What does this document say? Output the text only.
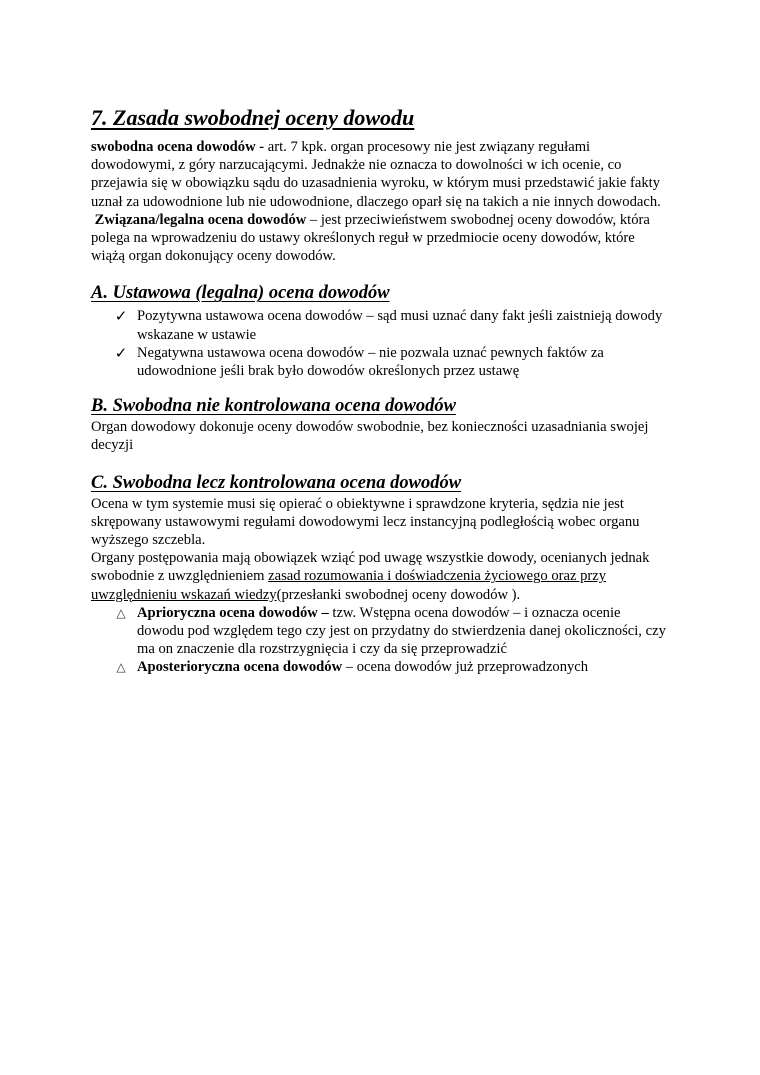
7. Zasada swobodnej oceny dowodu

swobodna ocena dowodów - art. 7 kpk. organ procesowy nie jest związany regułami dowodowymi, z góry narzucającymi. Jednakże nie oznacza to dowolności w ich ocenie, co przejawia się w obowiązku sądu do uzasadnienia wyroku, w którym musi przedstawić jakie fakty uznał za udowodnione lub nie udowodnione, dlaczego oparł się na takich a nie innych dowodach.

Związana/legalna ocena dowodów – jest przeciwieństwem swobodnej oceny dowodów, która polega na wprowadzeniu do ustawy określonych reguł w przedmiocie oceny dowodów, które wiążą organ dokonujący oceny dowodów.

A. Ustawowa (legalna) ocena dowodów
✓ Pozytywna ustawowa ocena dowodów – sąd musi uznać dany fakt jeśli zaistnieją dowody wskazane w ustawie
✓ Negatywna ustawowa ocena dowodów – nie pozwala uznać pewnych faktów za udowodnione jeśli brak było dowodów określonych przez ustawę
B. Swobodna nie kontrolowana ocena dowodów

Organ dowodowy dokonuje oceny dowodów swobodnie, bez konieczności uzasadniania swojej decyzji

C. Swobodna lecz kontrolowana ocena dowodów

Ocena w tym systemie musi się opierać o obiektywne i sprawdzone kryteria, sędzia nie jest skrępowany ustawowymi regułami dowodowymi lecz instancyjną podległością wobec organu wyższego szczebla.

Organy postępowania mają obowiązek wziąć pod uwagę wszystkie dowody, ocenianych jednak swobodnie z uwzględnieniem zasad rozumowania i doświadczenia życiowego oraz przy uwzględnieniu wskazań wiedzy(przesłanki swobodnej oceny dowodów ).

△ Aprioryczna ocena dowodów – tzw. Wstępna ocena dowodów – i oznacza ocenie dowodu pod względem tego czy jest on przydatny do stwierdzenia danej okoliczności, czy ma on znaczenie dla rozstrzygnięcia i czy da się przeprowadzić
△ Aposterioryczna ocena dowodów – ocena dowodów już przeprowadzonych
